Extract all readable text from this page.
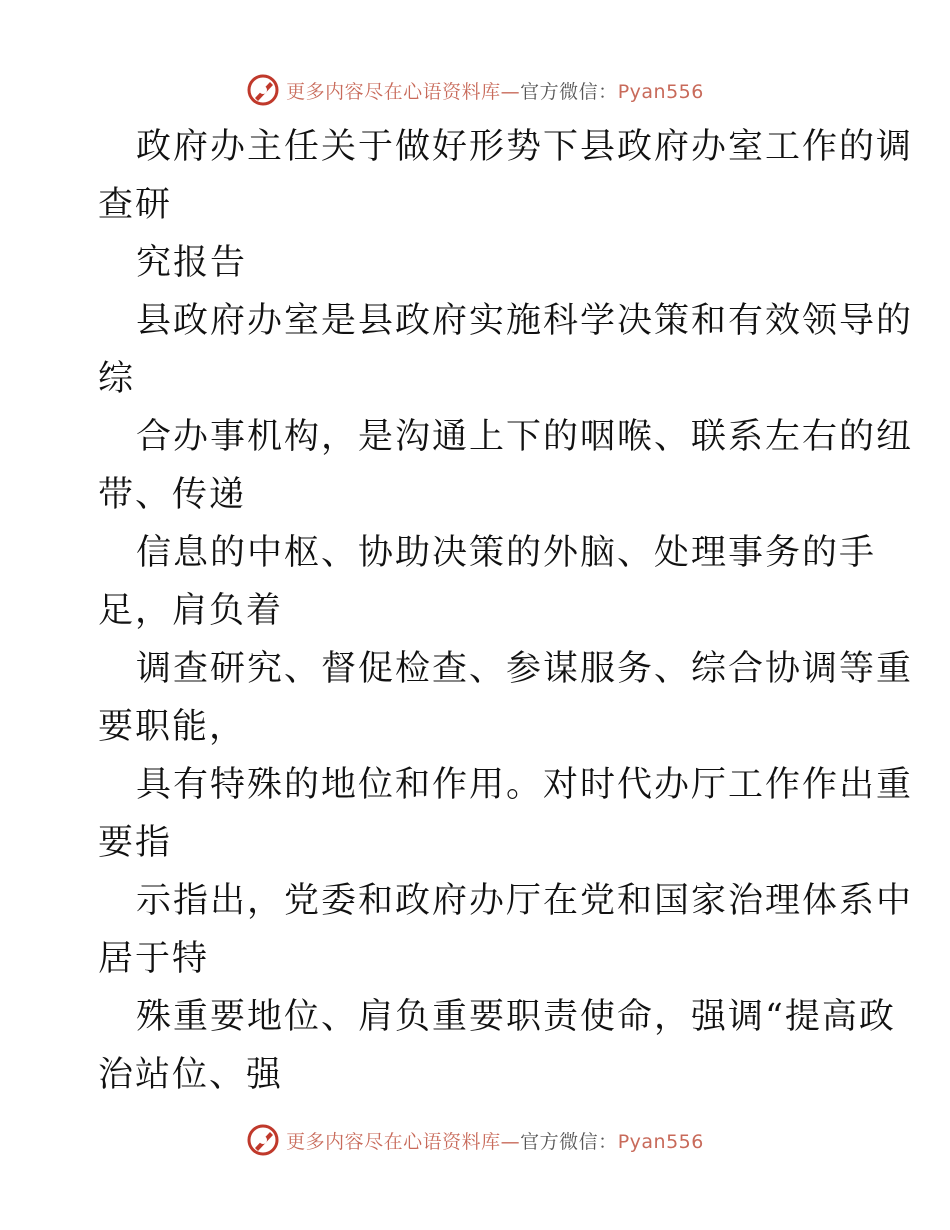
更多内容尽在心语资料库—官方微信：Pyan556
政府办主任关于做好形势下县政府办室工作的调
查研
究报告
县政府办室是县政府实施科学决策和有效领导的
综
合办事机构，是沟通上下的咽喉、联系左右的纽
带、传递
信息的中枢、协助决策的外脑、处理事务的手
足，肩负着
调查研究、督促检查、参谋服务、综合协调等重
要职能，
具有特殊的地位和作用。对时代办厅工作作出重
要指
示指出，党委和政府办厅在党和国家治理体系中
居于特
殊重要地位、肩负重要职责使命，强调“提高政
治站位、强
更多内容尽在心语资料库—官方微信：Pyan556
